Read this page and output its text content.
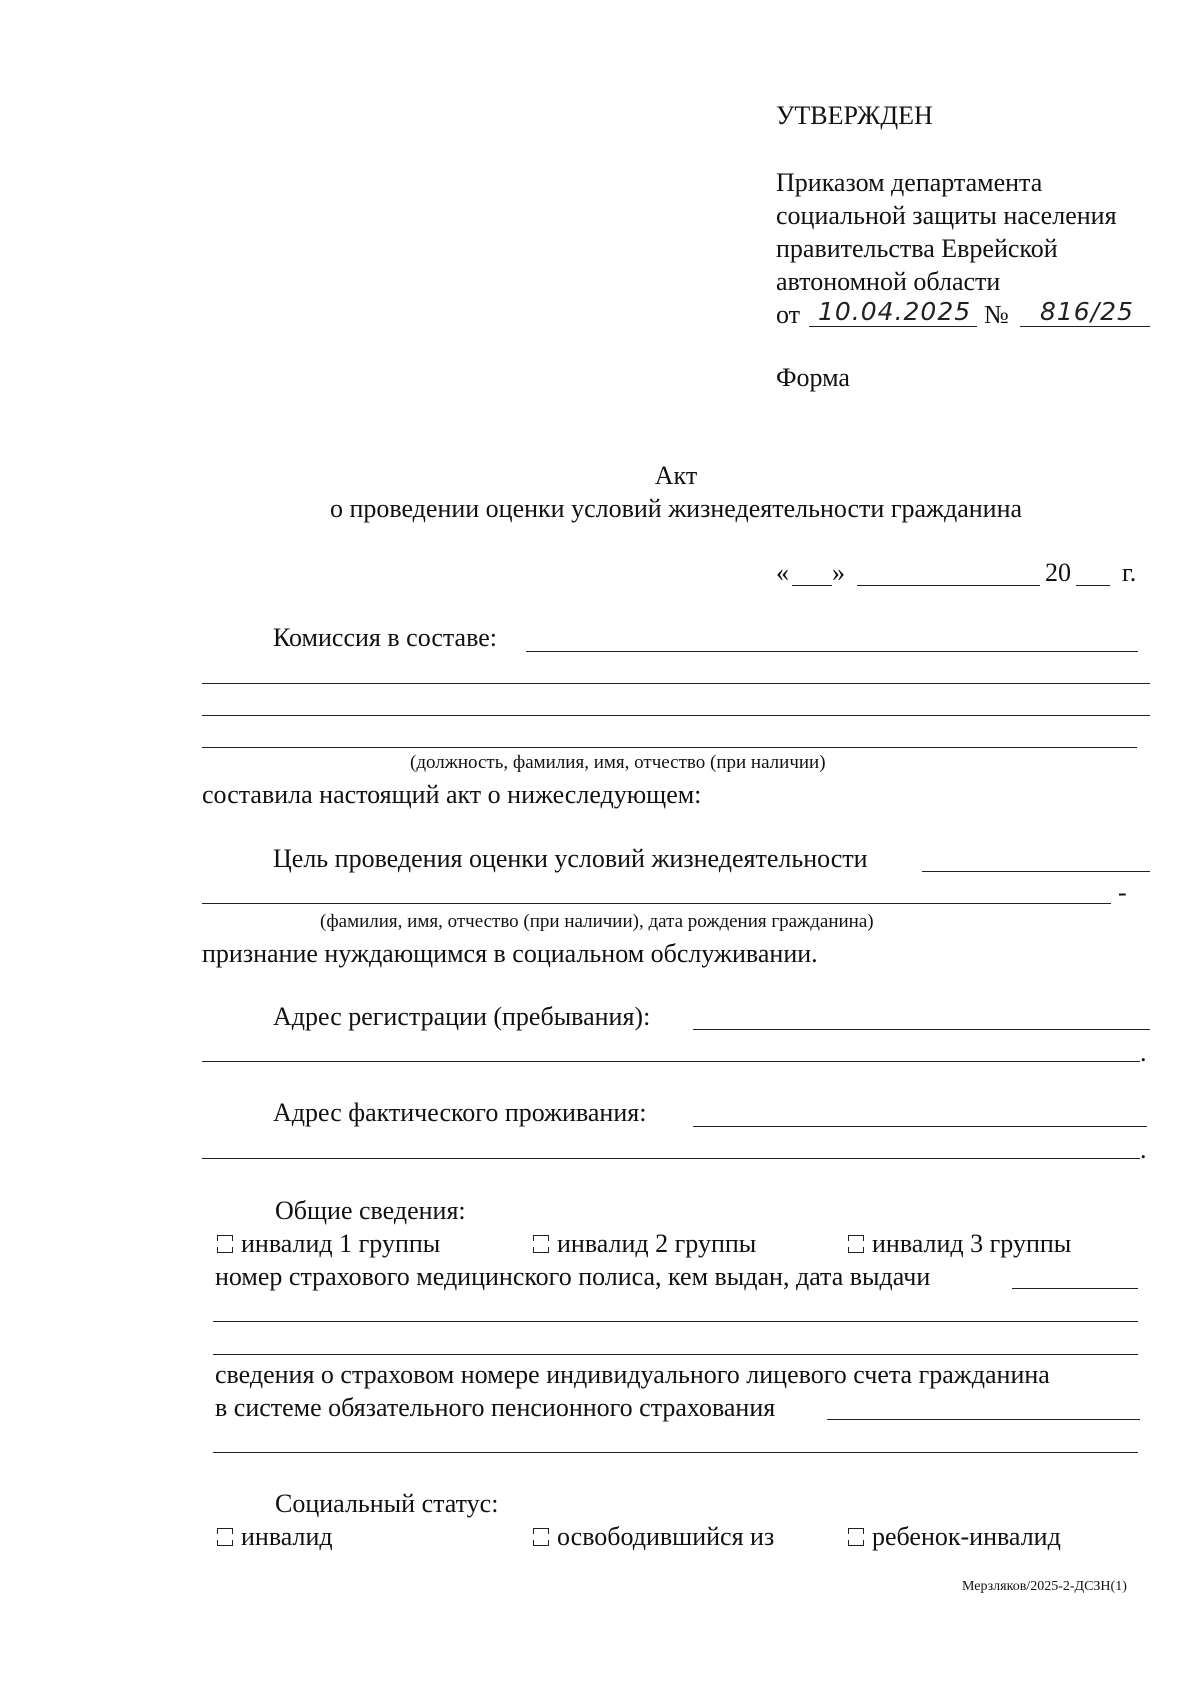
УТВЕРЖДЕН
Приказом департамента
социальной защиты населения
правительства Еврейской
автономной области
от 10.04.2025 № 816/25
Форма
Акт
о проведении оценки условий жизнедеятельности гражданина
« »	20 г.
Комиссия в составе:
(должность, фамилия, имя, отчество (при наличии)
составила настоящий акт о нижеследующем:
Цель проведения оценки условий жизнедеятельности
-
(фамилия, имя, отчество (при наличии), дата рождения гражданина)
признание нуждающимся в социальном обслуживании.
Адрес регистрации (пребывания):
.
Адрес фактического проживания:
.
Общие сведения:
инвалид 1 группы	инвалид 2 группы	инвалид 3 группы
номер страхового медицинского полиса, кем выдан, дата выдачи
сведения о страховом номере индивидуального лицевого счета гражданина
в системе обязательного пенсионного страхования
Социальный статус:
инвалид	освободившийся из	ребенок-инвалид
Мерзляков/2025-2-ДСЗН(1)
